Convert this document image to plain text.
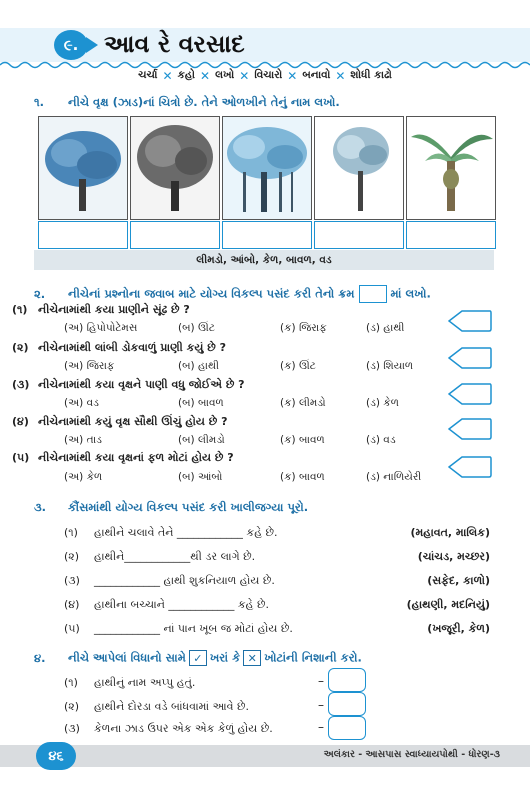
૯.	આવ રે વરસાદ
ચર્ચા ✕ કહો ✕ લખો ✕ વિચારો ✕ બનાવો ✕ શોધી કાઢો
૧. નીચે વૃક્ષ (ઝાડ)નાં ચિત્રો છે. તેને ઓળખીને તેનું નામ લખો.
લીમડો, આંબો, કેળ, બાવળ, વડ
૨. નીચેનાં પ્રશ્નોના જવાબ માટે યોગ્ય વિકલ્પ પસંદ કરી તેનો ક્રમ	માં લખો.
(૧) નીચેનામાંથી કયા પ્રાણીને સૂંઢ છે ?
(અ) હિપોપોટેમસ	(બ) ઊંટ	(ક) જિરાફ	(ડ) હાથી
(૨) નીચેનામાંથી લાંબી ડોકવાળું પ્રાણી કયું છે ?
(અ) જિરાફ	(બ) હાથી	(ક) ઊંટ	(ડ) શિયાળ
(૩) નીચેનામાંથી કયા વૃક્ષને પાણી વધુ જોઈએ છે ?
(અ) વડ	(બ) બાવળ	(ક) લીમડો	(ડ) કેળ
(૪) નીચેનામાંથી કયું વૃક્ષ સૌથી ઊંચું હોય છે ?
(અ) તાડ	(બ) લીમડો	(ક) બાવળ	(ડ) વડ
(૫) નીચેનામાંથી કયા વૃક્ષનાં ફળ મોટાં હોય છે ?
(અ) કેળ	(બ) આંબો	(ક) બાવળ	(ડ) નાળિયેરી
૩. કૌંસમાંથી યોગ્ય વિકલ્પ પસંદ કરી ખાલીજગ્યા પૂરો.
(૧) હાથીને ચલાવે તેને ____________ કહે છે.	(મહાવત, માલિક)
(૨) હાથીને____________થી ડર લાગે છે.	(ચાંચડ, મચ્છર)
(૩) ____________ હાથી શુકનિયાળ હોય છે.	(સફેદ, કાળો)
(૪) હાથીના બચ્ચાને ____________ કહે છે.	(હાથણી, મદનિયું)
(૫) ____________ નાં પાન ખૂબ જ મોટાં હોય છે.	(ખજૂરી, કેળ)
૪. નીચે આપેલાં વિધાનો સામે ✓ ખરાં કે ✕ ખોટાંની નિશાની કરો.
(૧) હાથીનું નામ અપ્પુ હતું.	–
(૨) હાથીને દોરડા વડે બાંધવામાં આવે છે.	–
(૩) કેળના ઝાડ ઉપર એક એક કેળું હોય છે.	–
૪૬	અલંકાર - આસપાસ સ્વાધ્યાયપોથી - ધોરણ-૩
